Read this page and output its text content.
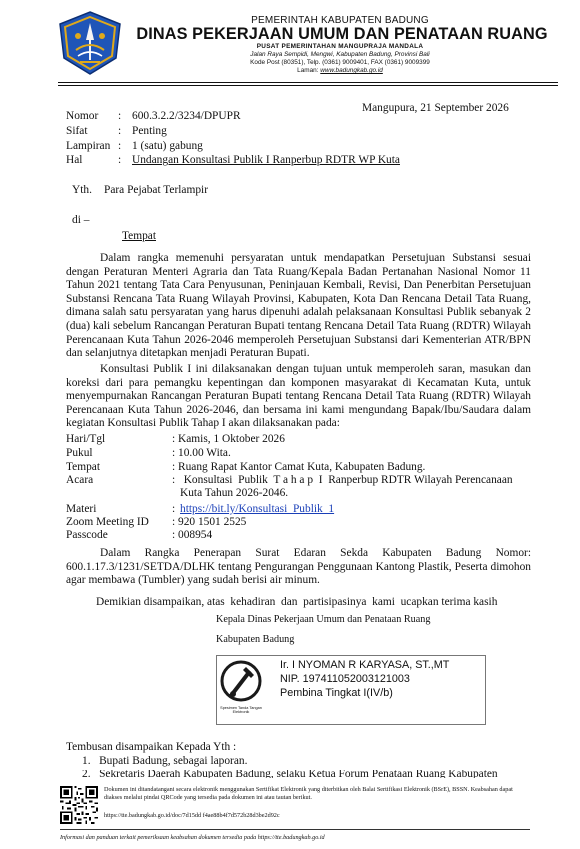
PEMERINTAH KABUPATEN BADUNG
DINAS PEKERJAAN UMUM DAN PENATAAN RUANG
PUSAT PEMERINTAHAN MANGUPRAJA MANDALA
Jalan Raya Sempidi, Mengwi, Kabupaten Badung, Provinsi Bali
Kode Post (80351), Telp. (0361) 9009401, FAX (0361) 9009399
Laman: www.badungkab.go.id
Mangupura, 21 September 2026
Nomor : 600.3.2.2/3234/DPUPR
Sifat	: Penting
Lampiran : 1 (satu) gabung
Hal	: Undangan Konsultasi Publik I Ranperbup RDTR WP Kuta
Yth. Para Pejabat Terlampir
di –
Tempat
Dalam rangka memenuhi persyaratan untuk mendapatkan Persetujuan Substansi sesuai dengan Peraturan Menteri Agraria dan Tata Ruang/Kepala Badan Pertanahan Nasional Nomor 11 Tahun 2021 tentang Tata Cara Penyusunan, Peninjauan Kembali, Revisi, Dan Penerbitan Persetujuan Substansi Rencana Tata Ruang Wilayah Provinsi, Kabupaten, Kota Dan Rencana Detail Tata Ruang, dimana salah satu persyaratan yang harus dipenuhi adalah pelaksanaan Konsultasi Publik sebanyak 2 (dua) kali sebelum Rancangan Peraturan Bupati tentang Rencana Detail Tata Ruang (RDTR) Wilayah Perencanaan Kuta Tahun 2026-2046 memperoleh Persetujuan Substansi dari Kementerian ATR/BPN dan selanjutnya ditetapkan menjadi Peraturan Bupati.
Konsultasi Publik I ini dilaksanakan dengan tujuan untuk memperoleh saran, masukan dan koreksi dari para pemangku kepentingan dan komponen masyarakat di Kecamatan Kuta, untuk menyempurnakan Rancangan Peraturan Bupati tentang Rencana Detail Tata Ruang (RDTR) Wilayah Perencanaan Kuta Tahun 2026-2046, dan bersama ini kami mengundang Bapak/Ibu/Saudara dalam kegiatan Konsultasi Publik Tahap I akan dilaksanakan pada:
Hari/Tgl	: Kamis, 1 Oktober 2026
Pukul	: 10.00 Wita.
Tempat	: Ruang Rapat Kantor Camat Kuta, Kabupaten Badung.
Acara	:   Konsultasi  Publik  T a h a p  I  Ranperbup RDTR Wilayah Perencanaan
Kuta Tahun 2026-2046.
Materi	: https://bit.ly/Konsultasi_Publik_1
Zoom Meeting ID : 920 1501 2525
Passcode	: 008954
Dalam Rangka Penerapan Surat Edaran Sekda Kabupaten Badung Nomor: 600.1.17.3/1231/SETDA/DLHK tentang Pengurangan Penggunaan Kantong Plastik, Peserta dimohon agar membawa (Tumbler) yang sudah berisi air minum.
Demikian disampaikan, atas  kehadiran  dan  partisipasinya  kami  ucapkan terima kasih
Kepala Dinas Pekerjaan Umum dan Penataan Ruang
Kabupaten Badung
Spesimen Tanda Tangan Elektronik
Ir. I NYOMAN R KARYASA, ST.,MT
NIP. 197411052003121003
Pembina Tingkat I(IV/b)
Tembusan disampaikan Kepada Yth :
1.   Bupati Badung, sebagai laporan.
2.   Sekretaris Daerah Kabupaten Badung, selaku Ketua Forum Penataan Ruang Kabupaten
Dokumen ini ditandatangani secara elektronik menggunakan Sertifikat Elektronik yang diterbitkan oleh Balai Sertifikasi Elektronik (BSrE), BSSN. Keabsahan dapat diakses melalui pindai QRCode yang tersedia pada dokumen ini atau tautan berikut.
https://tte.badungkab.go.id/doc/7d15dd f4ae88b4f7d572b28d3be2d92c
Informasi dan panduan terkait pemeriksaan keabsahan dokumen tersedia pada https://tte.badungkab.go.id
